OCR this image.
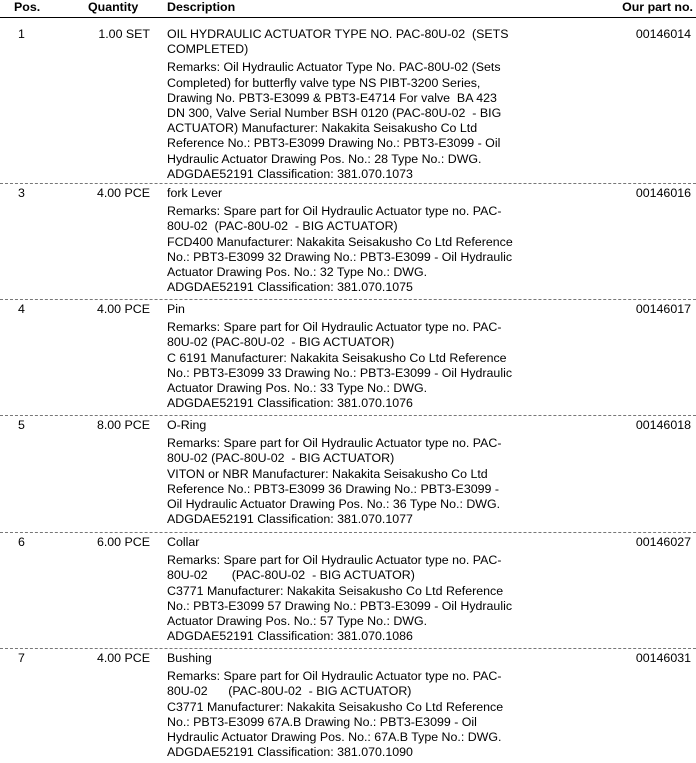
Pos.	Quantity Description	Our part no.
1	1.00 SET OIL HYDRAULIC ACTUATOR TYPE NO. PAC-80U-02  (SETS
COMPLETED)
Remarks: Oil Hydraulic Actuator Type No. PAC-80U-02 (Sets
Completed) for butterfly valve type NS PIBT-3200 Series,
Drawing No. PBT3-E3099 & PBT3-E4714 For valve  BA 423
DN 300, Valve Serial Number BSH 0120 (PAC-80U-02  - BIG
ACTUATOR) Manufacturer: Nakakita Seisakusho Co Ltd
Reference No.: PBT3-E3099 Drawing No.: PBT3-E3099 - Oil
Hydraulic Actuator Drawing Pos. No.: 28 Type No.: DWG.
ADGDAE52191 Classification: 381.070.1073
00146014
3	4.00 PCE fork Lever
Remarks: Spare part for Oil Hydraulic Actuator type no. PAC-
80U-02  (PAC-80U-02  - BIG ACTUATOR)
FCD400 Manufacturer: Nakakita Seisakusho Co Ltd Reference
No.: PBT3-E3099 32 Drawing No.: PBT3-E3099 - Oil Hydraulic
Actuator Drawing Pos. No.: 32 Type No.: DWG.
ADGDAE52191 Classification: 381.070.1075
00146016
4	4.00 PCE Pin
Remarks: Spare part for Oil Hydraulic Actuator type no. PAC-
80U-02 (PAC-80U-02  - BIG ACTUATOR)
C 6191 Manufacturer: Nakakita Seisakusho Co Ltd Reference
No.: PBT3-E3099 33 Drawing No.: PBT3-E3099 - Oil Hydraulic
Actuator Drawing Pos. No.: 33 Type No.: DWG.
ADGDAE52191 Classification: 381.070.1076
00146017
5	8.00 PCE O-Ring
Remarks: Spare part for Oil Hydraulic Actuator type no. PAC-
80U-02 (PAC-80U-02  - BIG ACTUATOR)
VITON or NBR Manufacturer: Nakakita Seisakusho Co Ltd
Reference No.: PBT3-E3099 36 Drawing No.: PBT3-E3099 -
Oil Hydraulic Actuator Drawing Pos. No.: 36 Type No.: DWG.
ADGDAE52191 Classification: 381.070.1077
00146018
6	6.00 PCE Collar
Remarks: Spare part for Oil Hydraulic Actuator type no. PAC-
80U-02       (PAC-80U-02  - BIG ACTUATOR)
C3771 Manufacturer: Nakakita Seisakusho Co Ltd Reference
No.: PBT3-E3099 57 Drawing No.: PBT3-E3099 - Oil Hydraulic
Actuator Drawing Pos. No.: 57 Type No.: DWG.
ADGDAE52191 Classification: 381.070.1086
00146027
7	4.00 PCE Bushing
Remarks: Spare part for Oil Hydraulic Actuator type no. PAC-
80U-02      (PAC-80U-02  - BIG ACTUATOR)
C3771 Manufacturer: Nakakita Seisakusho Co Ltd Reference
No.: PBT3-E3099 67A.B Drawing No.: PBT3-E3099 - Oil
Hydraulic Actuator Drawing Pos. No.: 67A.B Type No.: DWG.
ADGDAE52191 Classification: 381.070.1090
00146031
